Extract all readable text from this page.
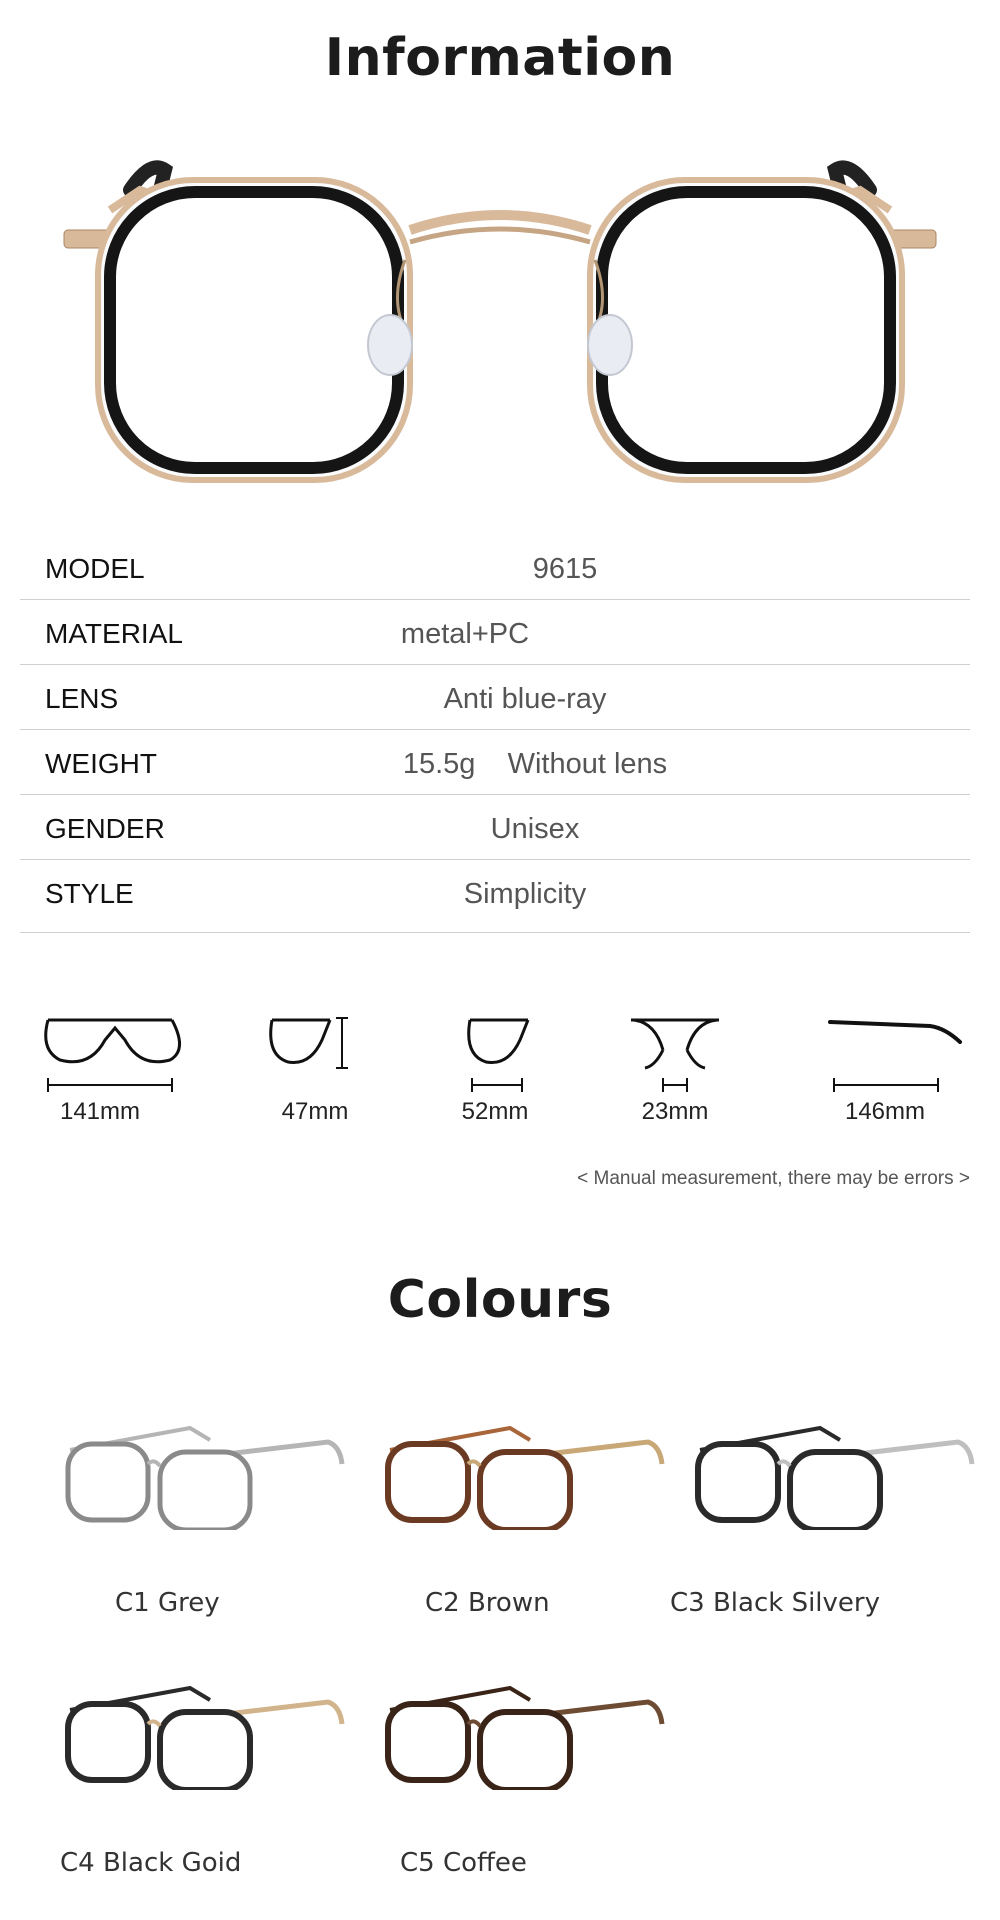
Information
MODEL	9615
MATERIAL	metal+PC
LENS	Anti blue-ray
WEIGHT	15.5g    Without lens
GENDER	Unisex
STYLE	Simplicity
141mm	47mm	52mm	23mm	146mm
< Manual measurement, there may be errors >
Colours
C1 Grey	C2 Brown	C3 Black Silvery
C4 Black Goid	C5 Coffee
